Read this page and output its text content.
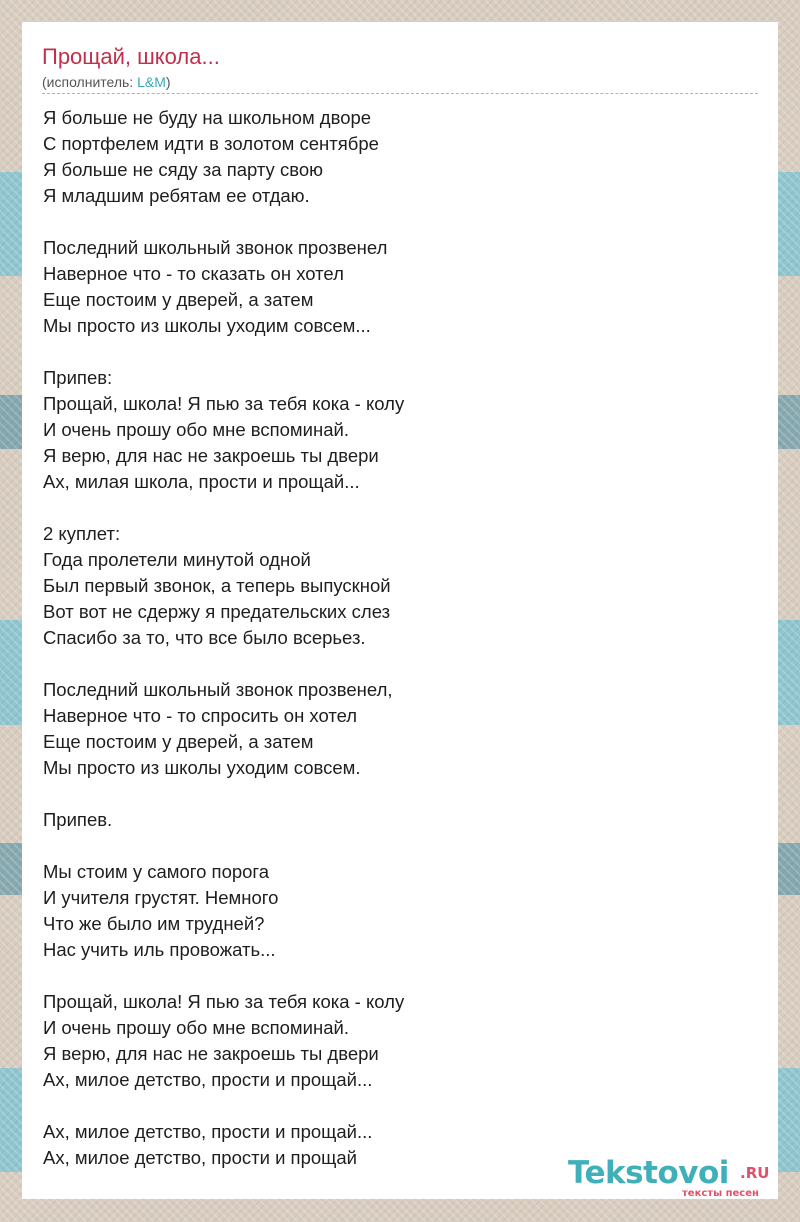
Прощай, школа...
(исполнитель: L&M)
Я больше не буду на школьном дворе
С портфелем идти в золотом сентябре
Я больше не сяду за парту свою
Я младшим ребятам ее отдаю.
Последний школьный звонок прозвенел
Наверное что - то сказать он хотел
Еще постоим у дверей, а затем
Мы просто из школы уходим совсем...
Припев:
Прощай, школа! Я пью за тебя кока - колу
И очень прошу обо мне вспоминай.
Я верю, для нас не закроешь ты двери
Ах, милая школа, прости и прощай...
2 куплет:
Года пролетели минутой одной
Был первый звонок, а теперь выпускной
Вот вот не сдержу я предательских слез
Спасибо за то, что все было всерьез.
Последний школьный звонок прозвенел,
Наверное что - то спросить он хотел
Еще постоим у дверей, а затем
Мы просто из школы уходим совсем.
Припев.
Мы стоим у самого порога
И учителя грустят. Немного
Что же было им трудней?
Нас учить иль провожать...
Прощай, школа! Я пью за тебя кока - колу
И очень прошу обо мне вспоминай.
Я верю, для нас не закроешь ты двери
Ах, милое детство, прости и прощай...
Ах, милое детство, прости и прощай...
Ах, милое детство, прости и прощай	Tekstovoi .RU
тексты песен
